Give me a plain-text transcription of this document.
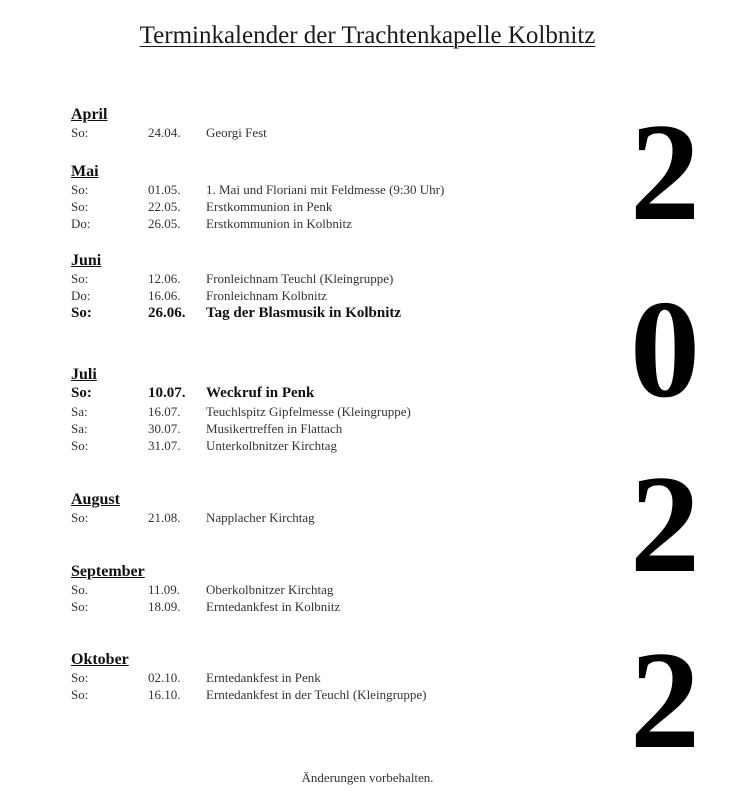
Terminkalender der Trachtenkapelle Kolbnitz
April
So:	24.04. Georgi Fest
Mai
So:	01.05. 1. Mai und Floriani mit Feldmesse (9:30 Uhr)
So:	22.05. Erstkommunion in Penk
Do:	26.05. Erstkommunion in Kolbnitz
Juni
So:	12.06. Fronleichnam Teuchl (Kleingruppe)
Do:	16.06. Fronleichnam Kolbnitz
So:	26.06. Tag der Blasmusik in Kolbnitz
Juli
So:	10.07. Weckruf in Penk
Sa:	16.07. Teuchlspitz Gipfelmesse (Kleingruppe)
Sa:	30.07. Musikertreffen in Flattach
So:	31.07. Unterkolbnitzer Kirchtag
August
So:	21.08. Napplacher Kirchtag
September
So.	11.09. Oberkolbnitzer Kirchtag
So:	18.09. Erntedankfest in Kolbnitz
Oktober
So:	02.10. Erntedankfest in Penk
So:	16.10. Erntedankfest in der Teuchl (Kleingruppe)
2
0
2
2
Änderungen vorbehalten.
